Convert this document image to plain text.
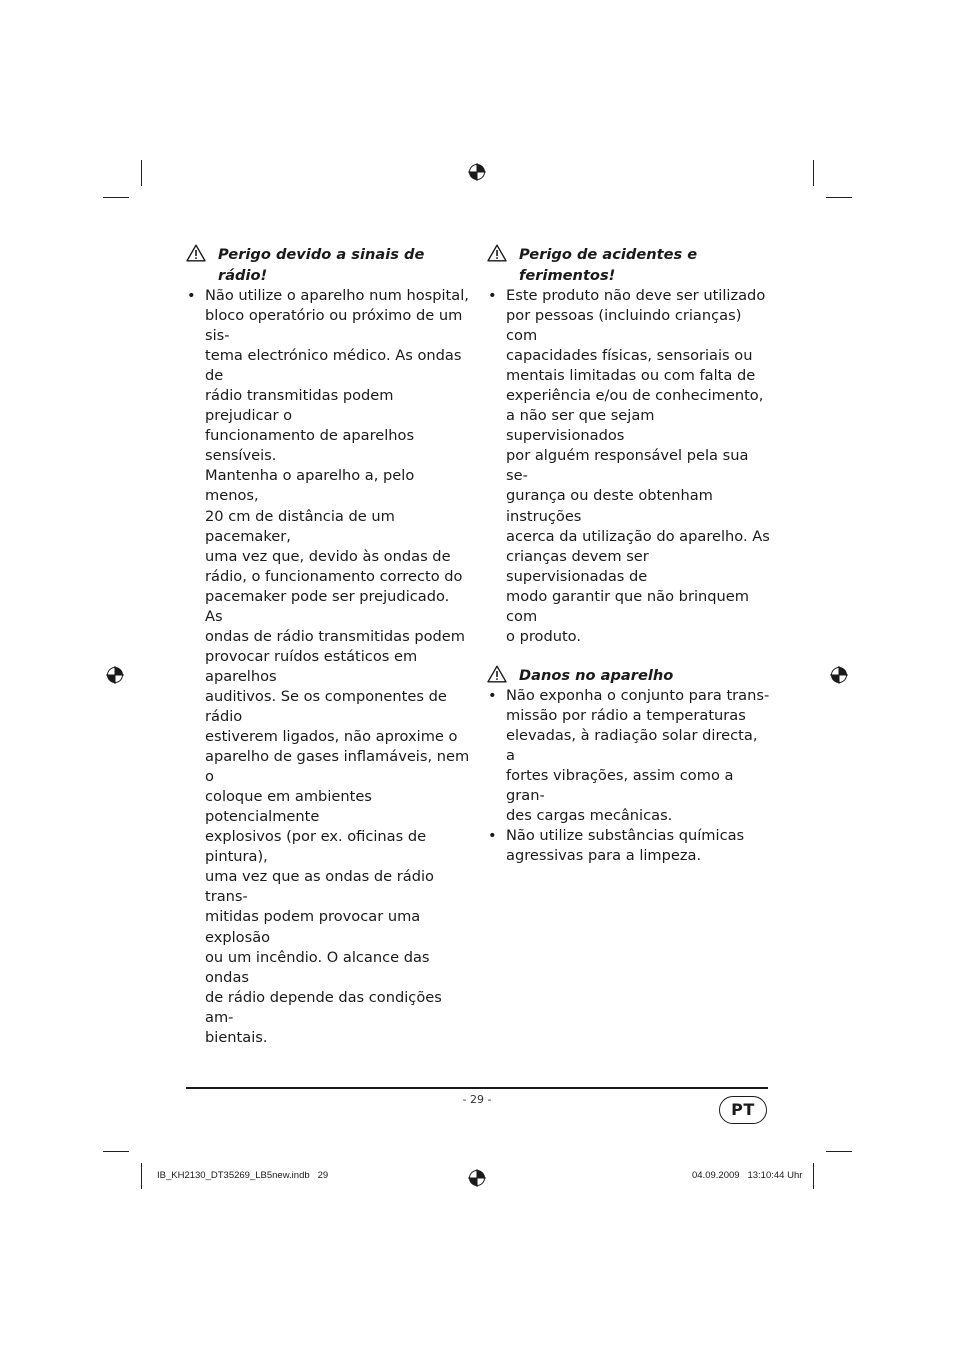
Perigo devido a sinais de rádio!
• Não utilize o aparelho num hospital,
bloco operatório ou próximo de um sis-
tema electrónico médico. As ondas de
rádio transmitidas podem prejudicar o
funcionamento de aparelhos sensíveis.
Mantenha o aparelho a, pelo menos,
20 cm de distância de um pacemaker,
uma vez que, devido às ondas de
rádio, o funcionamento correcto do
pacemaker pode ser prejudicado. As
ondas de rádio transmitidas podem
provocar ruídos estáticos em aparelhos
auditivos. Se os componentes de rádio
estiverem ligados, não aproxime o
aparelho de gases inflamáveis, nem o
coloque em ambientes potencialmente
explosivos (por ex. oficinas de pintura),
uma vez que as ondas de rádio trans-
mitidas podem provocar uma explosão
ou um incêndio. O alcance das ondas
de rádio depende das condições am-
bientais.
Perigo de acidentes e
ferimentos!
• Este produto não deve ser utilizado
por pessoas (incluindo crianças) com
capacidades físicas, sensoriais ou
mentais limitadas ou com falta de
experiência e/ou de conhecimento,
a não ser que sejam supervisionados
por alguém responsável pela sua se-
gurança ou deste obtenham instruções
acerca da utilização do aparelho. As
crianças devem ser supervisionadas de
modo garantir que não brinquem com
o produto.
Danos no aparelho
• Não exponha o conjunto para trans-
missão por rádio a temperaturas
elevadas, à radiação solar directa, a
fortes vibrações, assim como a gran-
des cargas mecânicas.
• Não utilize substâncias químicas
agressivas para a limpeza.
- 29 -
PT
IB_KH2130_DT35269_LB5new.indb   29	04.09.2009   13:10:44 Uhr
